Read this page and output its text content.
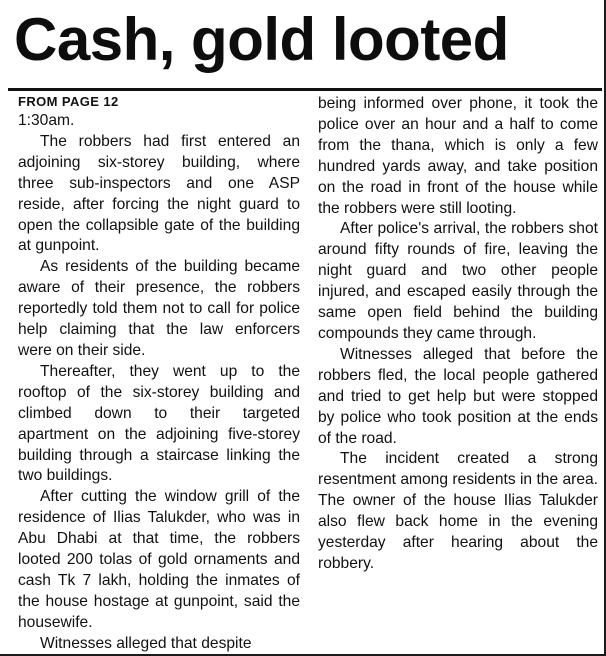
Cash, gold looted
FROM PAGE 12

1:30am.

The robbers had first entered an adjoining six-storey building, where three sub-inspectors and one ASP reside, after forcing the night guard to open the collapsible gate of the building at gunpoint.

As residents of the building became aware of their presence, the robbers reportedly told them not to call for police help claiming that the law enforcers were on their side.

Thereafter, they went up to the rooftop of the six-storey building and climbed down to their targeted apartment on the adjoining five-storey building through a staircase linking the two buildings.

After cutting the window grill of the residence of Ilias Talukder, who was in Abu Dhabi at that time, the robbers looted 200 tolas of gold ornaments and cash Tk 7 lakh, holding the inmates of the house hostage at gunpoint, said the housewife.

Witnesses alleged that despite

being informed over phone, it took the police over an hour and a half to come from the thana, which is only a few hundred yards away, and take position on the road in front of the house while the robbers were still looting.

After police's arrival, the robbers shot around fifty rounds of fire, leaving the night guard and two other people injured, and escaped easily through the same open field behind the building compounds they came through.

Witnesses alleged that before the robbers fled, the local people gathered and tried to get help but were stopped by police who took position at the ends of the road.

The incident created a strong resentment among residents in the area. The owner of the house Ilias Talukder also flew back home in the evening yesterday after hearing about the robbery.
